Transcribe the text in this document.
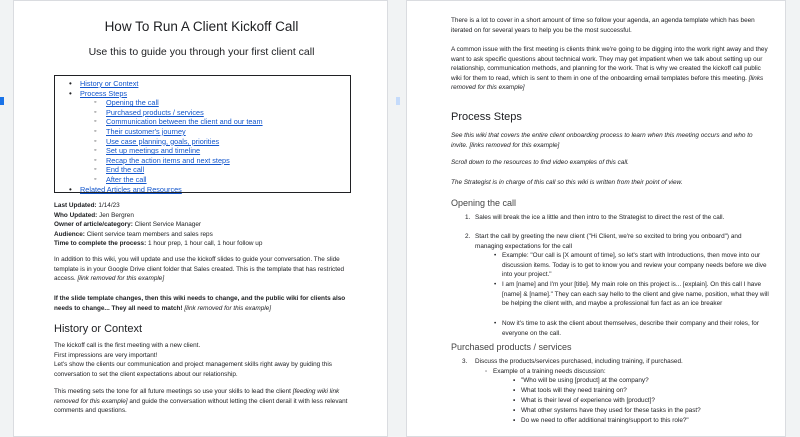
How To Run A Client Kickoff Call
Use this to guide you through your first client call
• History or Context
• Process Steps
◦ Opening the call
◦ Purchased products / services
◦ Communication between the client and our team
◦ Their customer's journey
◦ Use case planning, goals, priorities
◦ Set up meetings and timeline
◦ Recap the action items and next steps
◦ End the call
◦ After the call
• Related Articles and Resources
Last Updated: 1/14/23
Who Updated: Jen Bergren
Owner of article/category: Client Service Manager
Audience: Client service team members and sales reps
Time to complete the process: 1 hour prep, 1 hour call, 1 hour follow up
In addition to this wiki, you will update and use the kickoff slides to guide your conversation. The slide template is in your Google Drive client folder that Sales created. This is the template that has restricted access. [link removed for this example]
If the slide template changes, then this wiki needs to change, and the public wiki for clients also needs to change... They all need to match! [link removed for this example]
History or Context
The kickoff call is the first meeting with a new client.
First impressions are very important!
Let's show the clients our communication and project management skills right away by guiding this conversation to set the client expectations about our relationship.
This meeting sets the tone for all future meetings so use your skills to lead the client [feeding wiki link removed for this example] and guide the conversation without letting the client derail it with less relevant comments and questions.
There is a lot to cover in a short amount of time so follow your agenda, an agenda template which has been iterated on for several years to help you be the most successful.
A common issue with the first meeting is clients think we're going to be digging into the work right away and they want to ask specific questions about technical work. They may get impatient when we talk about setting up our relationship, communication methods, and planning for the work. That is why we created the kickoff call public wiki for them to read, which is sent to them in one of the onboarding email templates before this meeting. [links removed for this example]
Process Steps
See this wiki that covers the entire client onboarding process to learn when this meeting occurs and who to invite. [links removed for this example]
Scroll down to the resources to find video examples of this call.
The Strategist is in charge of this call so this wiki is written from their point of view.
Opening the call
1. Sales will break the ice a little and then intro to the Strategist to direct the rest of the call.
2. Start the call by greeting the new client ("Hi Client, we're so excited to bring you onboard") and managing expectations for the call
• Example: "Our call is [X amount of time], so let's start with Introductions, then move into our discussion items. Today is to get to know you and review your company needs before we dive into your project."
• I am [name] and I'm your [title]. My main role on this project is... [explain]. On this call I have [name] & [name]." They can each say hello to the client and give name, position, what they will be helping the client with, and maybe a professional fun fact as an ice breaker
• Now it's time to ask the client about themselves, describe their company and their roles, for everyone on the call.
Purchased products / services
3. Discuss the products/services purchased, including training, if purchased.
◦ Example of a training needs discussion:
▪ "Who will be using [product] at the company?
▪ What tools will they need training on?
▪ What is their level of experience with [product]?
▪ What other systems have they used for these tasks in the past?
▪ Do we need to offer additional training/support to this role?"
